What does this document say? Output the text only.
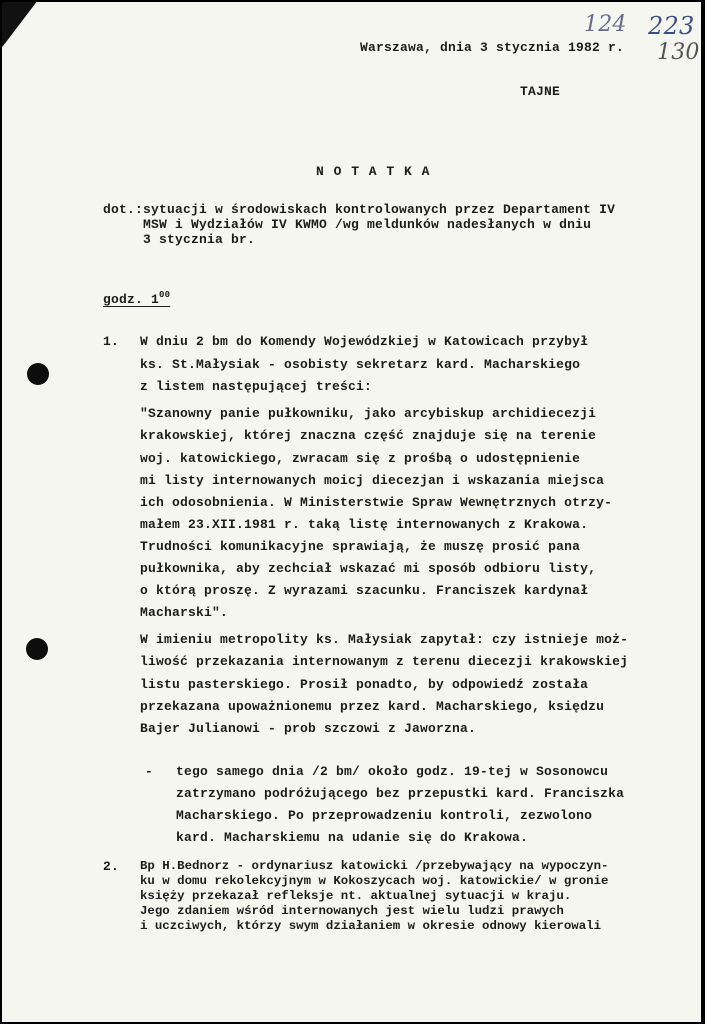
124 223
130
Warszawa, dnia 3 stycznia 1982 r.
TAJNE
N O T A T K A
dot.: sytuacji w środowiskach kontrolowanych przez Departament IV
MSW i Wydziałów IV KWMO /wg meldunków nadesłanych w dniu
3 stycznia br.
godz. $1^{00}$
1. W dniu 2 bm do Komendy Wojewódzkiej w Katowicach przybył
ks. St.Małysiak - osobisty sekretarz kard. Macharskiego
z listem następującej treści:
"Szanowny panie pułkowniku, jako arcybiskup archidiecezji
krakowskiej, której znaczna część znajduje się na terenie
woj. katowickiego, zwracam się z prośbą o udostępnienie
mi listy internowanych moicj diecezjan i wskazania miejsca
ich odosobnienia. W Ministerstwie Spraw Wewnętrznych otrzy-
małem 23.XII.1981 r. taką listę internowanych z Krakowa.
Trudności komunikacyjne sprawiają, że muszę prosić pana
pułkownika, aby zechciał wskazać mi sposób odbioru listy,
o którą proszę. Z wyrazami szacunku. Franciszek kardynał
Macharski".
W imieniu metropolity ks. Małysiak zapytał: czy istnieje moż-
liwość przekazania internowanym z terenu diecezji krakowskiej
listu pasterskiego. Prosił ponadto, by odpowiedź została
przekazana upoważnionemu przez kard. Macharskiego, księdzu
Bajer Julianowi - prob szczowi z Jaworzna.
- tego samego dnia /2 bm/ około godz. 19-tej w Sosonowcu
zatrzymano podróżującego bez przepustki kard. Franciszka
Macharskiego. Po przeprowadzeniu kontroli, zezwolono
kard. Macharskiemu na udanie się do Krakowa.
2. Bp H.Bednorz - ordynariusz katowicki /przebywający na wypoczyn-
ku w domu rekolekcyjnym w Kokoszycach woj. katowickie/ w gronie
księży przekazał refleksje nt. aktualnej sytuacji w kraju.
Jego zdaniem wśród internowanych jest wielu ludzi prawych
i uczciwych, którzy swym działaniem w okresie odnowy kierowali
